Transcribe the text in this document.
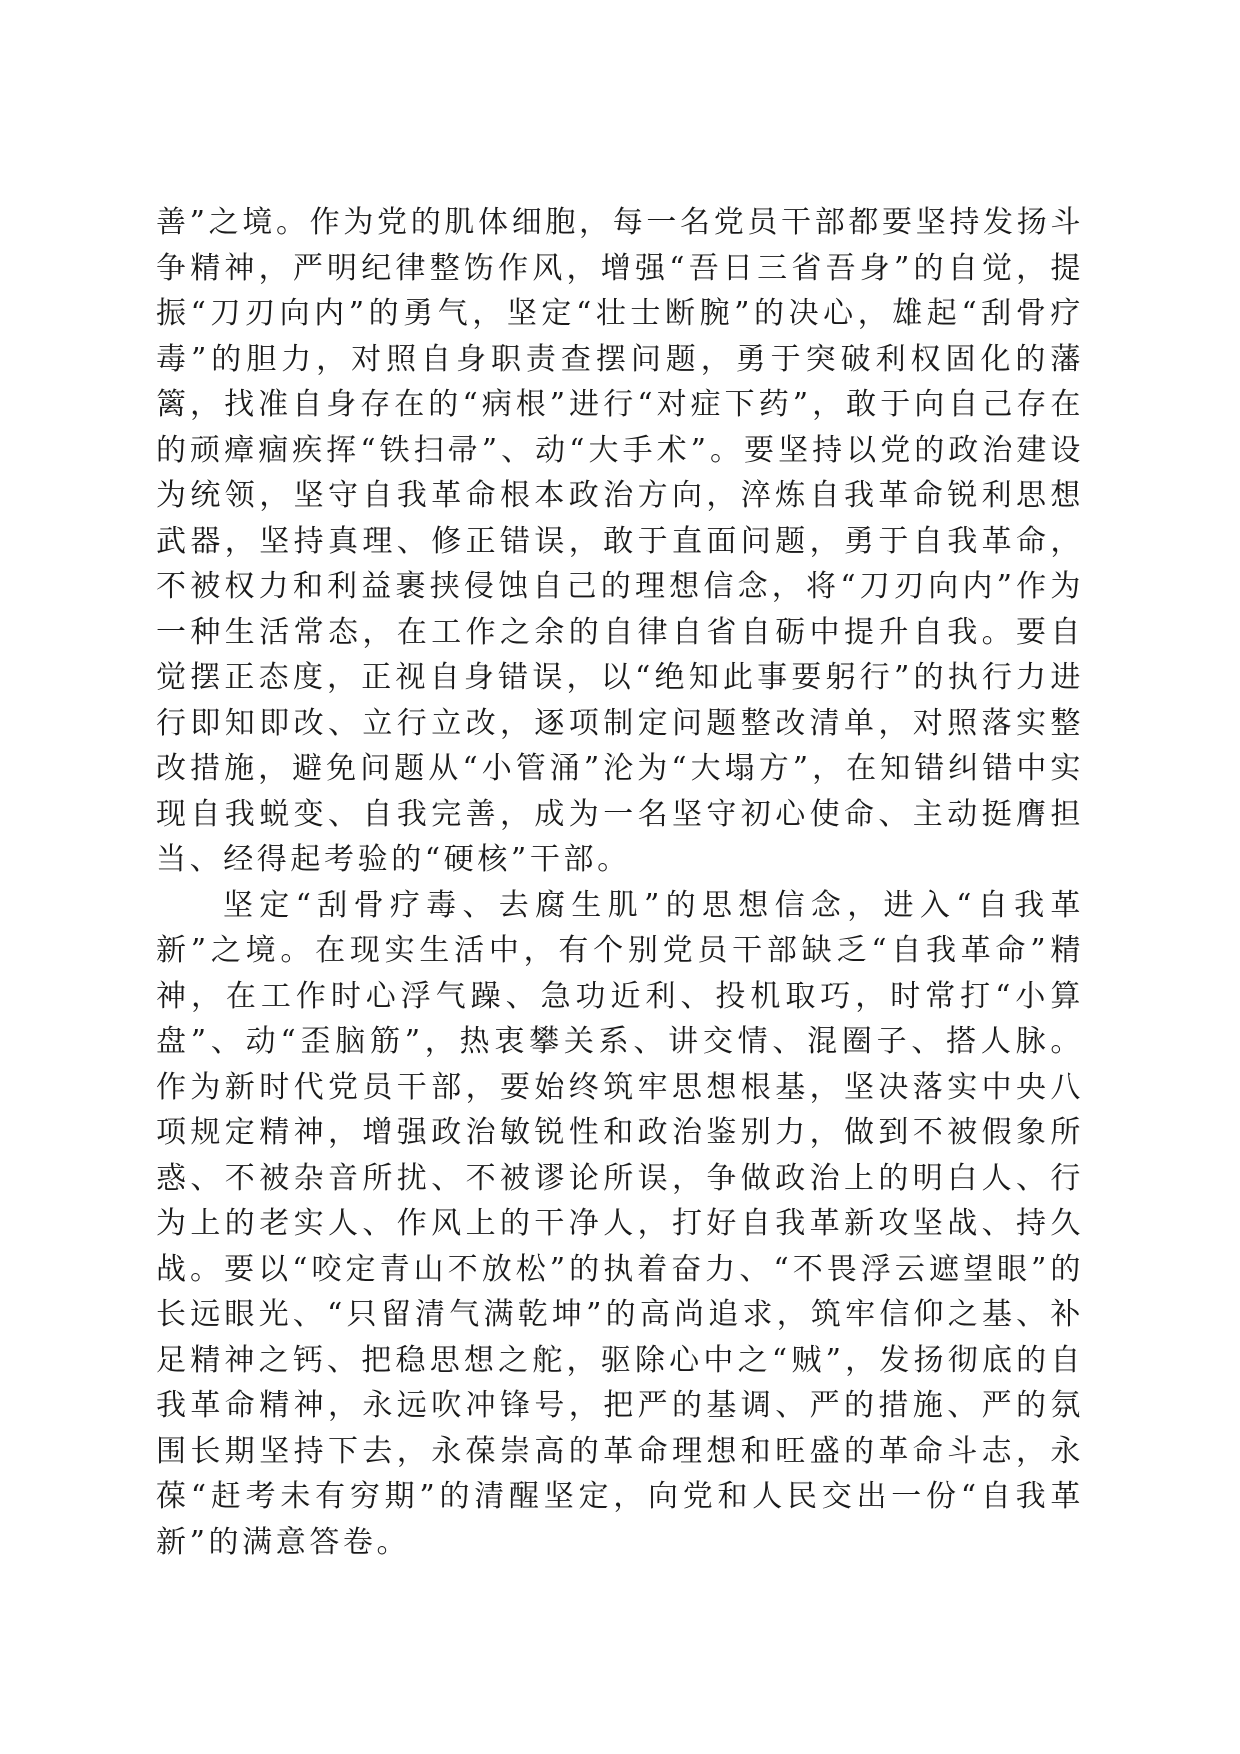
善”之境。作为党的肌体细胞，每一名党员干部都要坚持发扬斗争精神，严明纪律整饬作风，增强“吾日三省吾身”的自觉，提振“刀刃向内”的勇气，坚定“壮士断腕”的决心，雄起“刮骨疗毒”的胆力，对照自身职责查摆问题，勇于突破利权固化的藩篱，找准自身存在的“病根”进行“对症下药”，敢于向自己存在的顽瘴痼疾挥“铁扫帚”、动“大手术”。要坚持以党的政治建设为统领，坚守自我革命根本政治方向，淬炼自我革命锐利思想武器，坚持真理、修正错误，敢于直面问题，勇于自我革命，不被权力和利益裹挟侵蚀自己的理想信念，将“刀刃向内”作为一种生活常态，在工作之余的自律自省自砺中提升自我。要自觉摆正态度，正视自身错误，以“绝知此事要躬行”的执行力进行即知即改、立行立改，逐项制定问题整改清单，对照落实整改措施，避免问题从“小管涌”沦为“大塌方”，在知错纠错中实现自我蜕变、自我完善，成为一名坚守初心使命、主动挺膺担当、经得起考验的“硬核”干部。

坚定“刮骨疗毒、去腐生肌”的思想信念，进入“自我革新”之境。在现实生活中，有个别党员干部缺乏“自我革命”精神，在工作时心浮气躁、急功近利、投机取巧，时常打“小算盘”、动“歪脑筋”，热衷攀关系、讲交情、混圈子、搭人脉。作为新时代党员干部，要始终筑牢思想根基，坚决落实中央八项规定精神，增强政治敏锐性和政治鉴别力，做到不被假象所惑、不被杂音所扰、不被谬论所误，争做政治上的明白人、行为上的老实人、作风上的干净人，打好自我革新攻坚战、持久战。要以“咬定青山不放松”的执着奋力、“不畏浮云遮望眼”的长远眼光、“只留清气满乾坤”的高尚追求，筑牢信仰之基、补足精神之钙、把稳思想之舵，驱除心中之“贼”，发扬彻底的自我革命精神，永远吹冲锋号，把严的基调、严的措施、严的氛围长期坚持下去，永葆崇高的革命理想和旺盛的革命斗志，永葆“赶考未有穷期”的清醒坚定，向党和人民交出一份“自我革新”的满意答卷。
